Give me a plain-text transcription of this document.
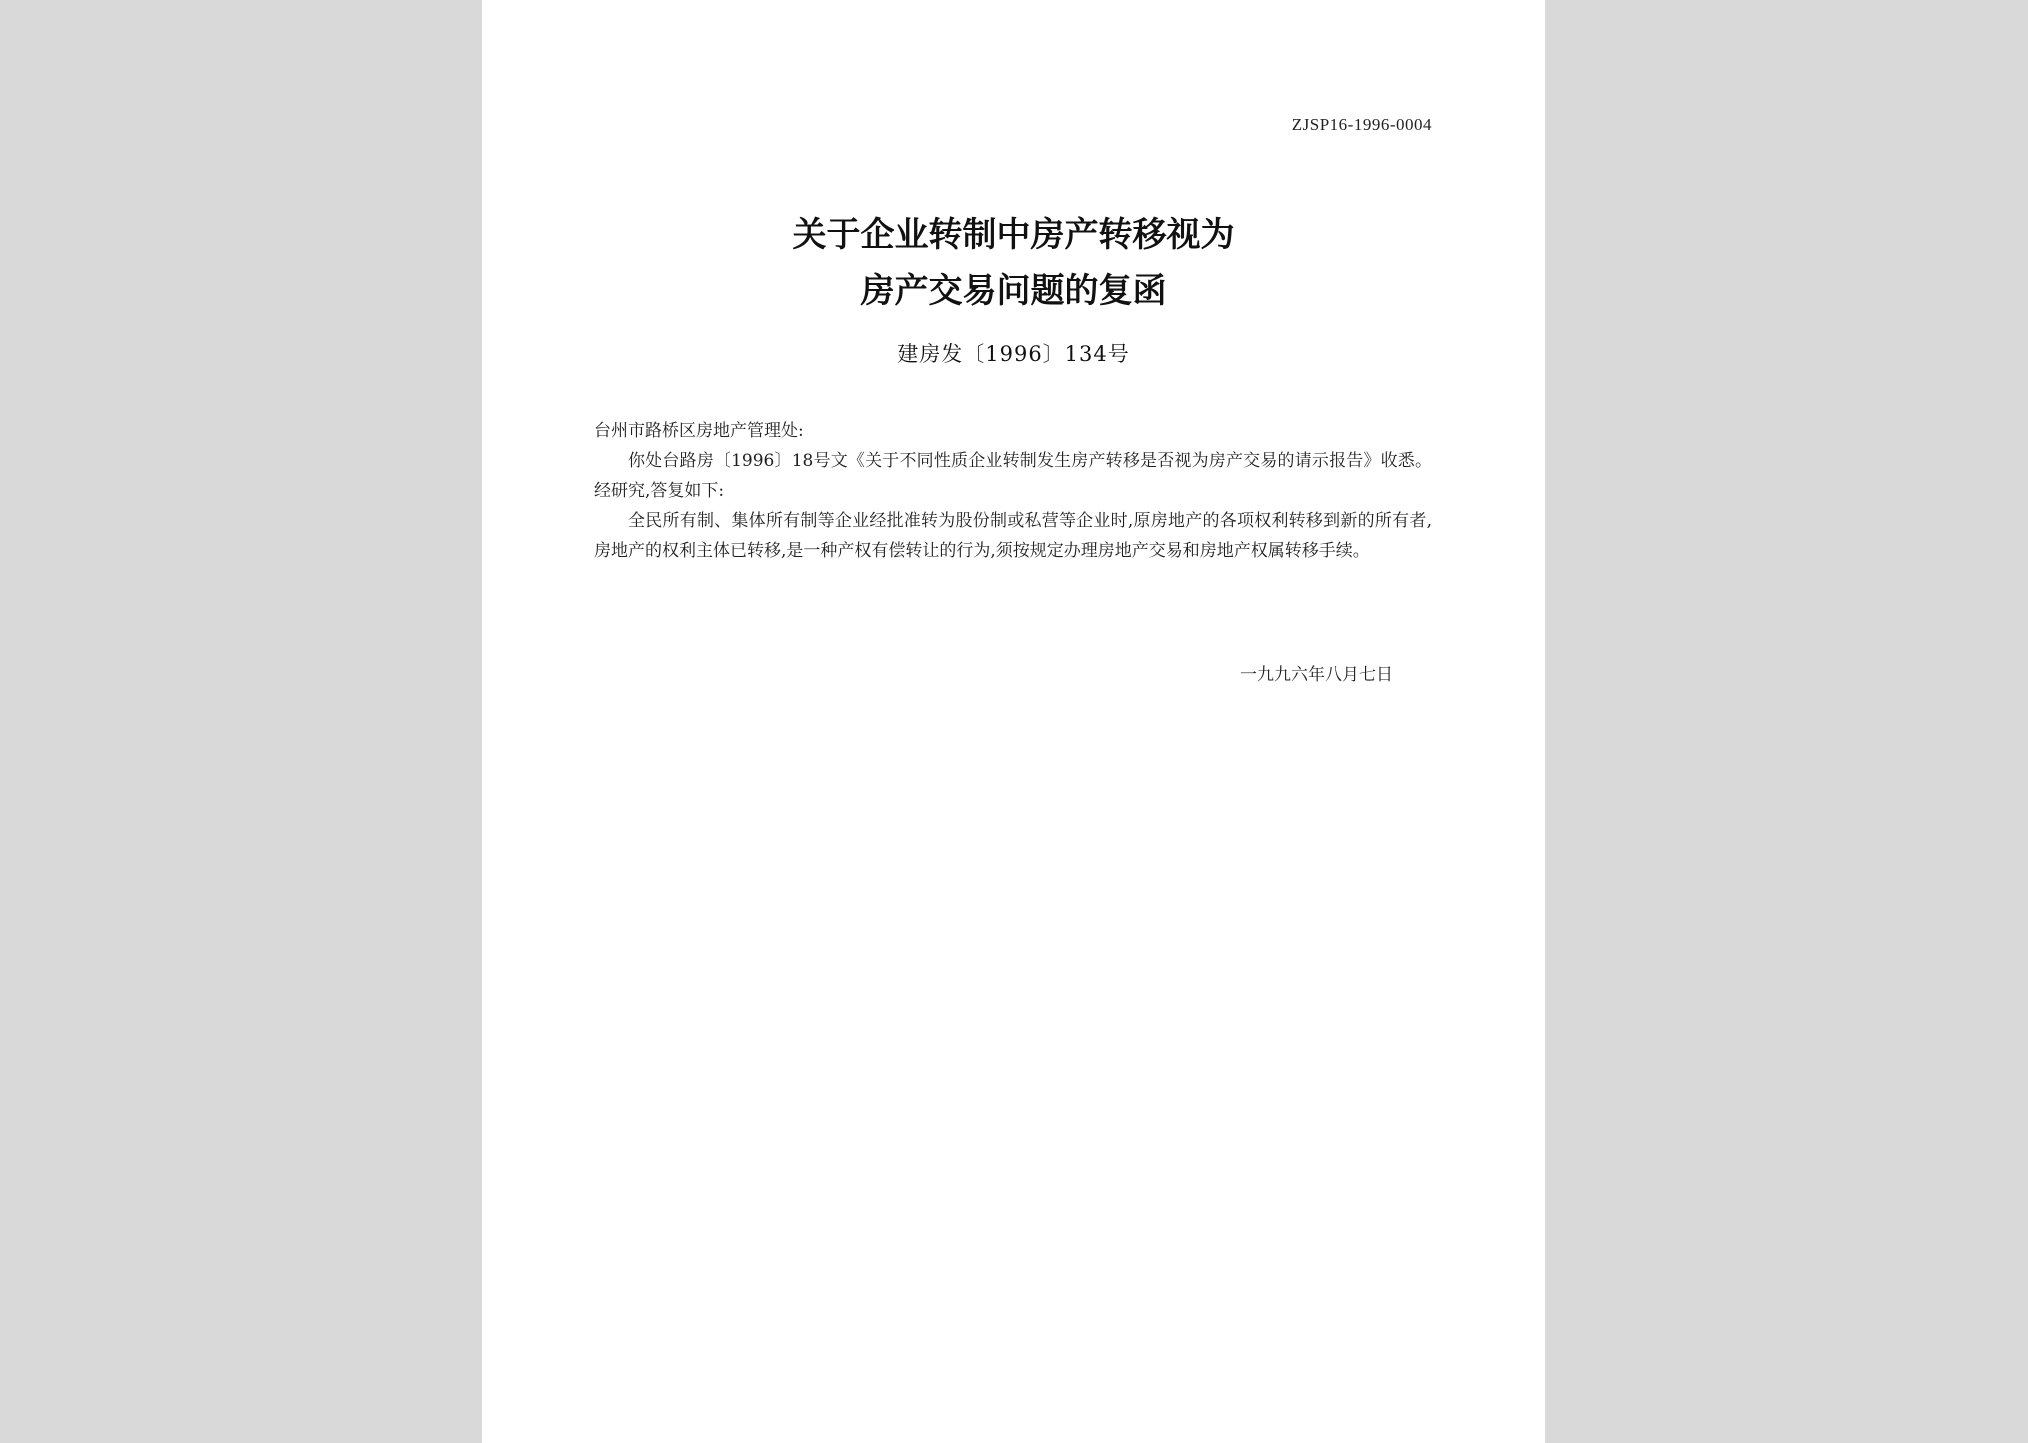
ZJSP16-1996-0004
关于企业转制中房产转移视为
房产交易问题的复函
建房发〔1996〕134号

台州市路桥区房地产管理处:

你处台路房〔1996〕18号文《关于不同性质企业转制发生房产转移是否视为房产交易的请示报告》收悉。经研究,答复如下:

全民所有制、集体所有制等企业经批准转为股份制或私营等企业时,原房地产的各项权利转移到新的所有者,房地产的权利主体已转移,是一种产权有偿转让的行为,须按规定办理房地产交易和房地产权属转移手续。

一九九六年八月七日
